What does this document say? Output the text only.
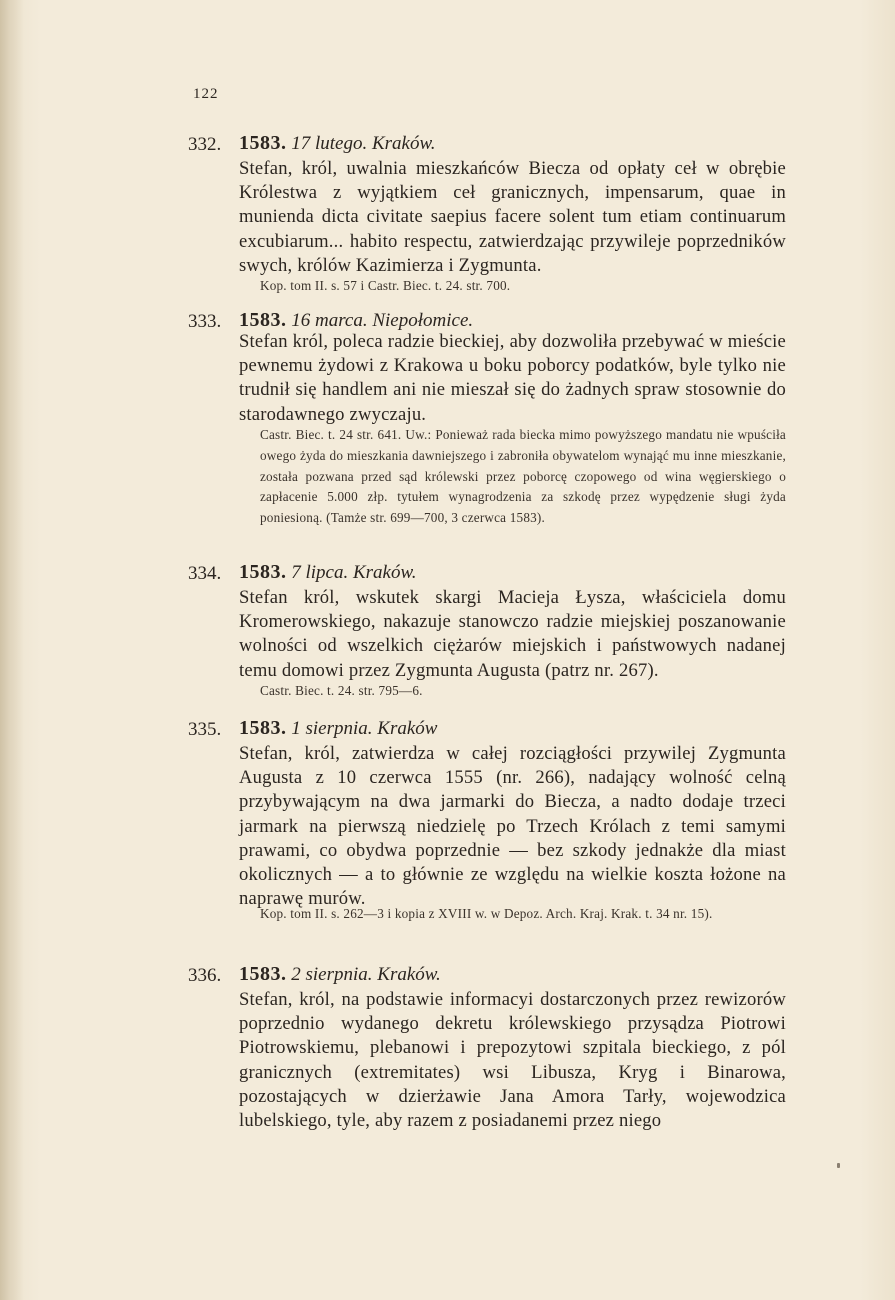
122
332. 1583. 17 lutego. Kraków.
Stefan, król, uwalnia mieszkańców Biecza od opłaty ceł w obrębie Królestwa z wyjątkiem ceł granicznych, impensarum, quae in munienda dicta civitate saepius facere solent tum etiam continuarum excubiarum... habito respectu, zatwierdzając przywileje poprzedników swych, królów Kazimierza i Zygmunta.
Kop. tom II. s. 57 i Castr. Biec. t. 24. str. 700.
333. 1583. 16 marca. Niepołomice.
Stefan król, poleca radzie bieckiej, aby dozwoliła przebywać w mieście pewnemu żydowi z Krakowa u boku poborcy podatków, byle tylko nie trudnił się handlem ani nie mieszał się do żadnych spraw stosownie do starodawnego zwyczaju.
Castr. Biec. t. 24 str. 641. Uw.: Ponieważ rada biecka mimo powyższego mandatu nie wpuściła owego żyda do mieszkania dawniejszego i zabroniła obywatelom wynająć mu inne mieszkanie, została pozwana przed sąd królewski przez poborcę czopowego od wina węgierskiego o zapłacenie 5.000 złp. tytułem wynagrodzenia za szkodę przez wypędzenie sługi żyda poniesioną. (Tamże str. 699—700, 3 czerwca 1583).
334. 1583. 7 lipca. Kraków.
Stefan król, wskutek skargi Macieja Łysza, właściciela domu Kromerowskiego, nakazuje stanowczo radzie miejskiej poszanowanie wolności od wszelkich ciężarów miejskich i państwowych nadanej temu domowi przez Zygmunta Augusta (patrz nr. 267).
Castr. Biec. t. 24. str. 795—6.
335. 1583. 1 sierpnia. Kraków
Stefan, król, zatwierdza w całej rozciągłości przywilej Zygmunta Augusta z 10 czerwca 1555 (nr. 266), nadający wolność celną przybywającym na dwa jarmarki do Biecza, a nadto dodaje trzeci jarmark na pierwszą niedzielę po Trzech Królach z temi samymi prawami, co obydwa poprzednie — bez szkody jednakże dla miast okolicznych — a to głównie ze względu na wielkie koszta łożone na naprawę murów.
Kop. tom II. s. 262—3 i kopia z XVIII w. w Depoz. Arch. Kraj. Krak. t. 34 nr. 15).
336. 1583. 2 sierpnia. Kraków.
Stefan, król, na podstawie informacyi dostarczonych przez rewizorów poprzednio wydanego dekretu królewskiego przysądza Piotrowi Piotrowskiemu, plebanowi i prepozytowi szpitala bieckiego, z pól granicznych (extremitates) wsi Libusza, Kryg i Binarowa, pozostających w dzierżawie Jana Amora Tarły, wojewodzica lubelskiego, tyle, aby razem z posiadanemi przez niego
